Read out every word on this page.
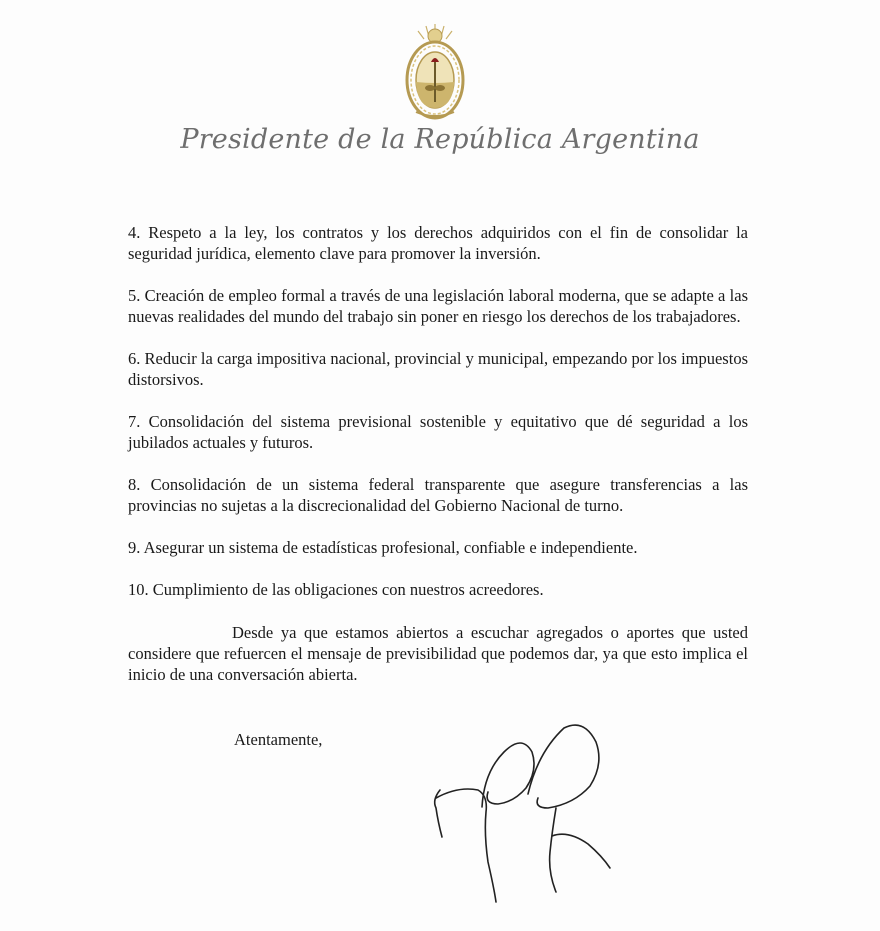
Presidente de la República Argentina

4. Respeto a la ley, los contratos y los derechos adquiridos con el fin de consolidar la seguridad jurídica, elemento clave para promover la inversión.

5. Creación de empleo formal a través de una legislación laboral moderna, que se adapte a las nuevas realidades del mundo del trabajo sin poner en riesgo los derechos de los trabajadores.

6. Reducir la carga impositiva nacional, provincial y municipal, empezando por los impuestos distorsivos.

7. Consolidación del sistema previsional sostenible y equitativo que dé seguridad a los jubilados actuales y futuros.

8. Consolidación de un sistema federal transparente que asegure transferencias a las provincias no sujetas a la discrecionalidad del Gobierno Nacional de turno.

9. Asegurar un sistema de estadísticas profesional, confiable e independiente.

10. Cumplimiento de las obligaciones con nuestros acreedores.

Desde ya que estamos abiertos a escuchar agregados o aportes que usted considere que refuercen el mensaje de previsibilidad que podemos dar, ya que esto implica el inicio de una conversación abierta.

Atentamente,
